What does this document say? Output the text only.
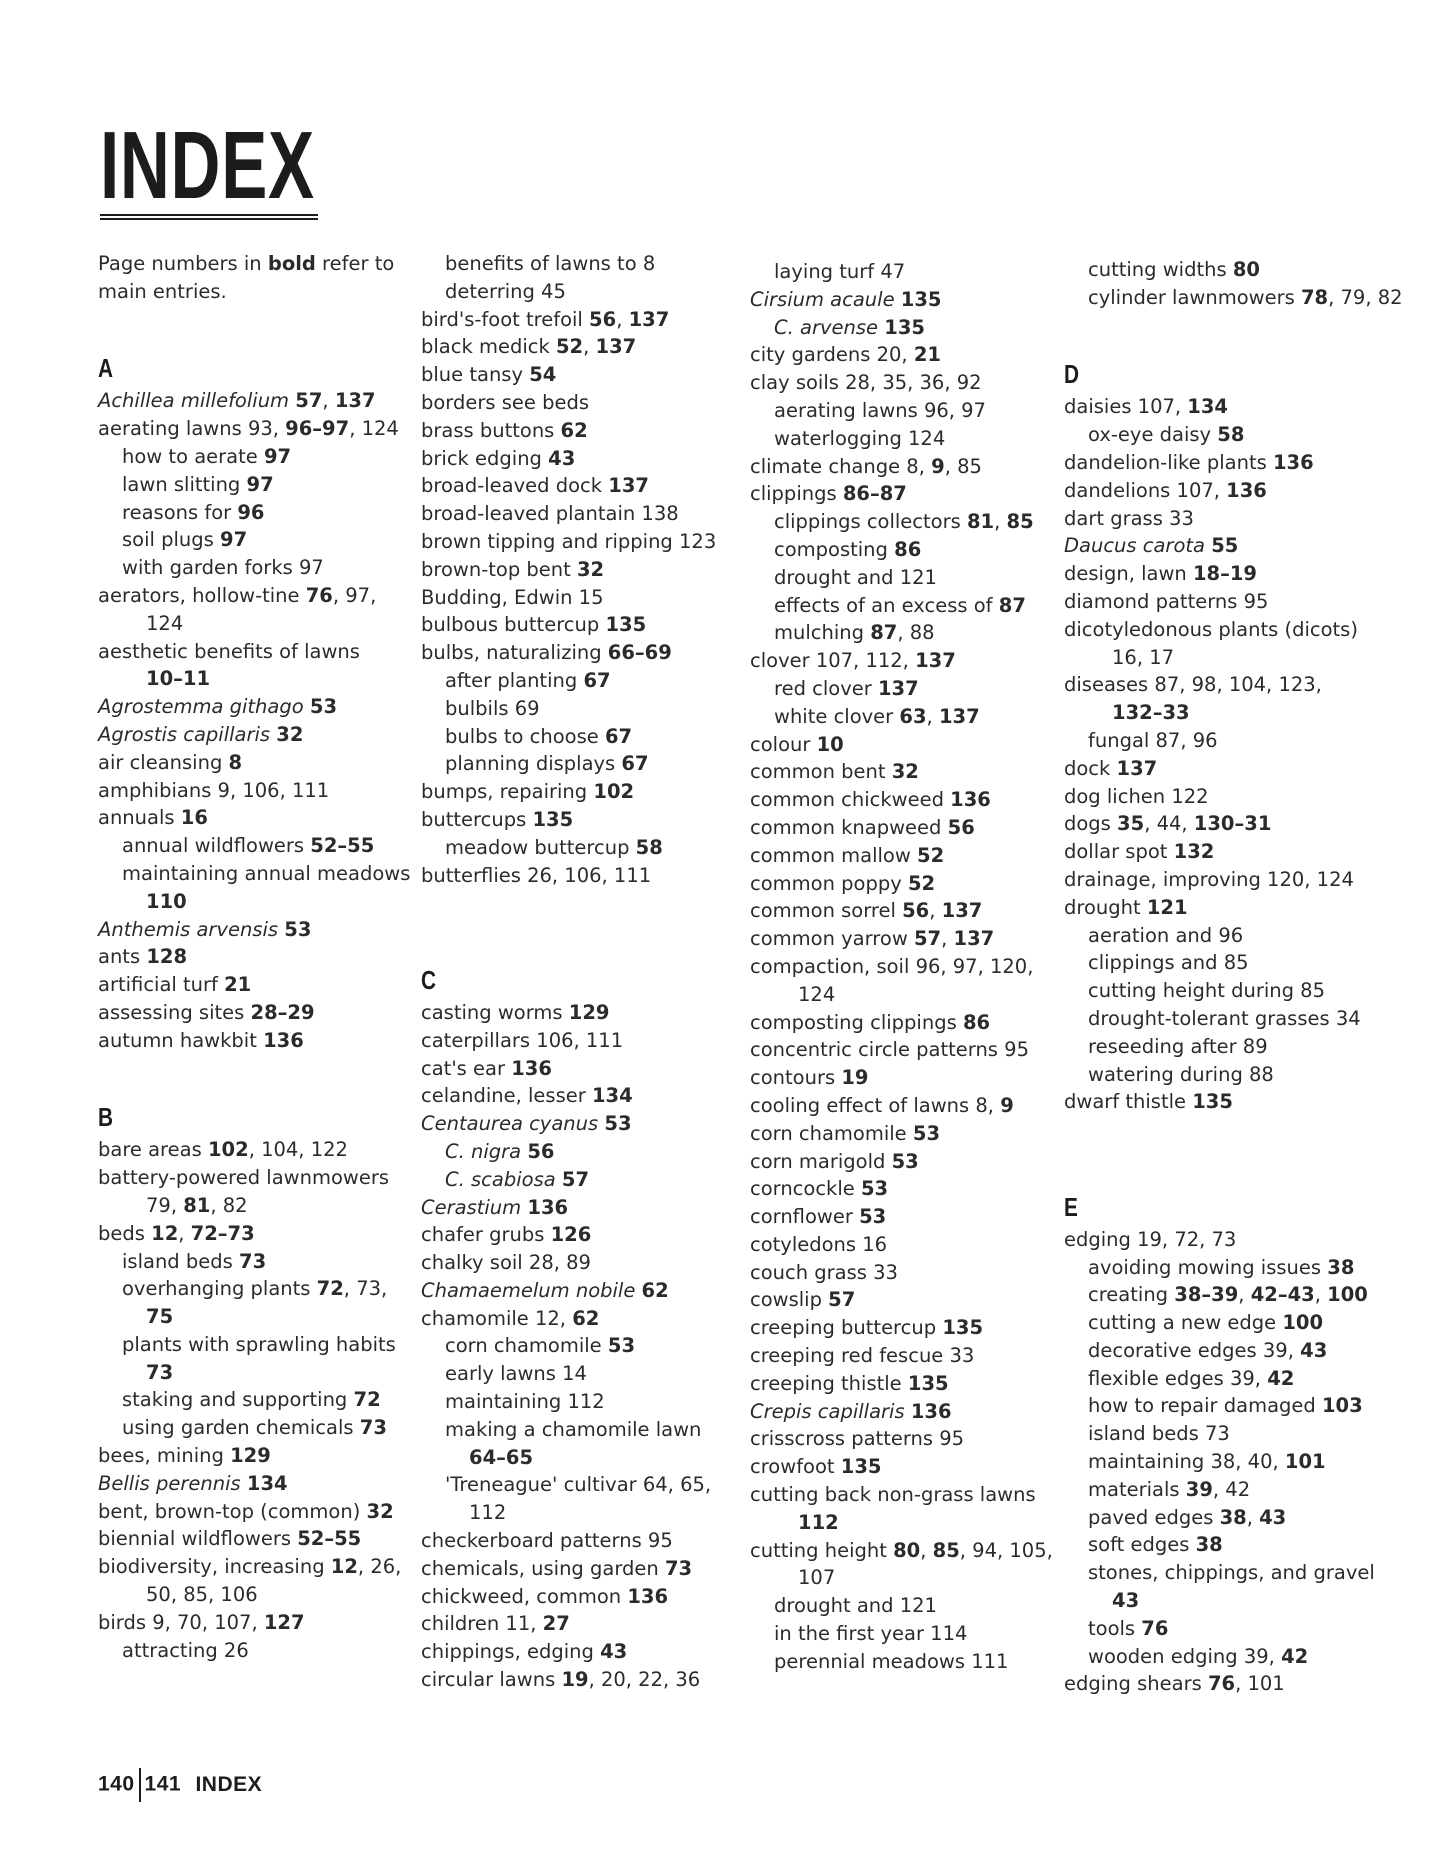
INDEX
Page numbers in bold refer to
main entries.
A
Achillea millefolium 57, 137
aerating lawns 93, 96–97, 124
how to aerate 97
lawn slitting 97
reasons for 96
soil plugs 97
with garden forks 97
aerators, hollow-tine 76, 97,
124
aesthetic benefits of lawns
10–11
Agrostemma githago 53
Agrostis capillaris 32
air cleansing 8
amphibians 9, 106, 111
annuals 16
annual wildflowers 52–55
maintaining annual meadows
110
Anthemis arvensis 53
ants 128
artificial turf 21
assessing sites 28–29
autumn hawkbit 136
B
bare areas 102, 104, 122
battery-powered lawnmowers
79, 81, 82
beds 12, 72–73
island beds 73
overhanging plants 72, 73,
75
plants with sprawling habits
73
staking and supporting 72
using garden chemicals 73
bees, mining 129
Bellis perennis 134
bent, brown-top (common) 32
biennial wildflowers 52–55
biodiversity, increasing 12, 26,
50, 85, 106
birds 9, 70, 107, 127
attracting 26
benefits of lawns to 8
deterring 45
bird's-foot trefoil 56, 137
black medick 52, 137
blue tansy 54
borders see beds
brass buttons 62
brick edging 43
broad-leaved dock 137
broad-leaved plantain 138
brown tipping and ripping 123
brown-top bent 32
Budding, Edwin 15
bulbous buttercup 135
bulbs, naturalizing 66–69
after planting 67
bulbils 69
bulbs to choose 67
planning displays 67
bumps, repairing 102
buttercups 135
meadow buttercup 58
butterflies 26, 106, 111
C
casting worms 129
caterpillars 106, 111
cat's ear 136
celandine, lesser 134
Centaurea cyanus 53
C. nigra 56
C. scabiosa 57
Cerastium 136
chafer grubs 126
chalky soil 28, 89
Chamaemelum nobile 62
chamomile 12, 62
corn chamomile 53
early lawns 14
maintaining 112
making a chamomile lawn
64–65
'Treneague' cultivar 64, 65,
112
checkerboard patterns 95
chemicals, using garden 73
chickweed, common 136
children 11, 27
chippings, edging 43
circular lawns 19, 20, 22, 36
laying turf 47
Cirsium acaule 135
C. arvense 135
city gardens 20, 21
clay soils 28, 35, 36, 92
aerating lawns 96, 97
waterlogging 124
climate change 8, 9, 85
clippings 86–87
clippings collectors 81, 85
composting 86
drought and 121
effects of an excess of 87
mulching 87, 88
clover 107, 112, 137
red clover 137
white clover 63, 137
colour 10
common bent 32
common chickweed 136
common knapweed 56
common mallow 52
common poppy 52
common sorrel 56, 137
common yarrow 57, 137
compaction, soil 96, 97, 120,
124
composting clippings 86
concentric circle patterns 95
contours 19
cooling effect of lawns 8, 9
corn chamomile 53
corn marigold 53
corncockle 53
cornflower 53
cotyledons 16
couch grass 33
cowslip 57
creeping buttercup 135
creeping red fescue 33
creeping thistle 135
Crepis capillaris 136
crisscross patterns 95
crowfoot 135
cutting back non-grass lawns
112
cutting height 80, 85, 94, 105,
107
drought and 121
in the first year 114
perennial meadows 111
cutting widths 80
cylinder lawnmowers 78, 79, 82
D
daisies 107, 134
ox-eye daisy 58
dandelion-like plants 136
dandelions 107, 136
dart grass 33
Daucus carota 55
design, lawn 18–19
diamond patterns 95
dicotyledonous plants (dicots)
16, 17
diseases 87, 98, 104, 123,
132–33
fungal 87, 96
dock 137
dog lichen 122
dogs 35, 44, 130–31
dollar spot 132
drainage, improving 120, 124
drought 121
aeration and 96
clippings and 85
cutting height during 85
drought-tolerant grasses 34
reseeding after 89
watering during 88
dwarf thistle 135
E
edging 19, 72, 73
avoiding mowing issues 38
creating 38–39, 42–43, 100
cutting a new edge 100
decorative edges 39, 43
flexible edges 39, 42
how to repair damaged 103
island beds 73
maintaining 38, 40, 101
materials 39, 42
paved edges 38, 43
soft edges 38
stones, chippings, and gravel
43
tools 76
wooden edging 39, 42
edging shears 76, 101
140 141 INDEX
